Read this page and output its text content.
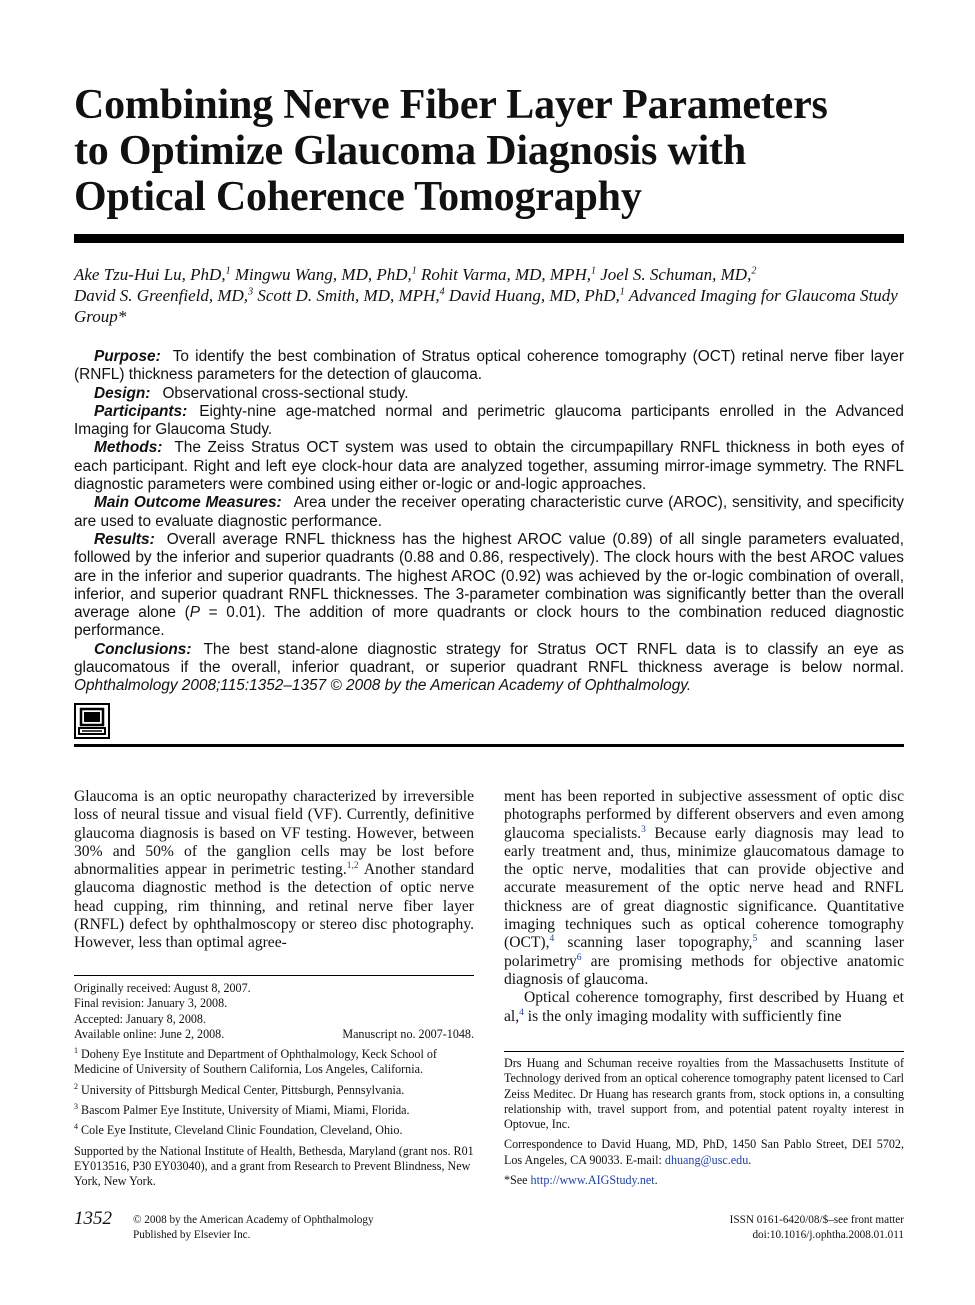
Combining Nerve Fiber Layer Parameters
to Optimize Glaucoma Diagnosis with
Optical Coherence Tomography
Ake Tzu-Hui Lu, PhD,$^1$ Mingwu Wang, MD, PhD,$^1$ Rohit Varma, MD, MPH,$^1$ Joel S. Schuman, MD,$^2$
David S. Greenfield, MD,$^3$ Scott D. Smith, MD, MPH,$^4$ David Huang, MD, PhD,$^1$ Advanced Imaging for Glaucoma Study Group*

Purpose: To identify the best combination of Stratus optical coherence tomography (OCT) retinal nerve fiber layer (RNFL) thickness parameters for the detection of glaucoma.

Design: Observational cross-sectional study.

Participants: Eighty-nine age-matched normal and perimetric glaucoma participants enrolled in the Advanced Imaging for Glaucoma Study.

Methods: The Zeiss Stratus OCT system was used to obtain the circumpapillary RNFL thickness in both eyes of each participant. Right and left eye clock-hour data are analyzed together, assuming mirror-image symmetry. The RNFL diagnostic parameters were combined using either or-logic or and-logic approaches.

Main Outcome Measures: Area under the receiver operating characteristic curve (AROC), sensitivity, and specificity are used to evaluate diagnostic performance.

Results: Overall average RNFL thickness has the highest AROC value (0.89) of all single parameters evaluated, followed by the inferior and superior quadrants (0.88 and 0.86, respectively). The clock hours with the best AROC values are in the inferior and superior quadrants. The highest AROC (0.92) was achieved by the or-logic combination of overall, inferior, and superior quadrant RNFL thicknesses. The 3-parameter combination was significantly better than the overall average alone (P = 0.01). The addition of more quadrants or clock hours to the combination reduced diagnostic performance.

Conclusions: The best stand-alone diagnostic strategy for Stratus OCT RNFL data is to classify an eye as glaucomatous if the overall, inferior quadrant, or superior quadrant RNFL thickness average is below normal. Ophthalmology 2008;115:1352–1357 © 2008 by the American Academy of Ophthalmology.

Glaucoma is an optic neuropathy characterized by irreversible loss of neural tissue and visual field (VF). Currently, definitive glaucoma diagnosis is based on VF testing. However, between 30% and 50% of the ganglion cells may be lost before abnormalities appear in perimetric testing.$^{1,2}$ Another standard glaucoma diagnostic method is the detection of optic nerve head cupping, rim thinning, and retinal nerve fiber layer (RNFL) defect by ophthalmoscopy or stereo disc photography. However, less than optimal agree-

ment has been reported in subjective assessment of optic disc photographs performed by different observers and even among glaucoma specialists.$^3$ Because early diagnosis may lead to early treatment and, thus, minimize glaucomatous damage to the optic nerve, modalities that can provide objective and accurate measurement of the optic nerve head and RNFL thickness are of great diagnostic significance. Quantitative imaging techniques such as optical coherence tomography (OCT),$^4$ scanning laser topography,$^5$ and scanning laser polarimetry$^6$ are promising methods for objective anatomic diagnosis of glaucoma.

Optical coherence tomography, first described by Huang et al,$^4$ is the only imaging modality with sufficiently fine

Originally received: August 8, 2007.

Final revision: January 3, 2008.

Accepted: January 8, 2008.

Available online: June 2, 2008.	Manuscript no. 2007-1048.

$^1$ Doheny Eye Institute and Department of Ophthalmology, Keck School of Medicine of University of Southern California, Los Angeles, California.

$^2$ University of Pittsburgh Medical Center, Pittsburgh, Pennsylvania.

$^3$ Bascom Palmer Eye Institute, University of Miami, Miami, Florida.

$^4$ Cole Eye Institute, Cleveland Clinic Foundation, Cleveland, Ohio.

Supported by the National Institute of Health, Bethesda, Maryland (grant nos. R01 EY013516, P30 EY03040), and a grant from Research to Prevent Blindness, New York, New York.

Drs Huang and Schuman receive royalties from the Massachusetts Institute of Technology derived from an optical coherence tomography patent licensed to Carl Zeiss Meditec. Dr Huang has research grants from, stock options in, a consulting relationship with, travel support from, and potential patent royalty interest in Optovue, Inc.

Correspondence to David Huang, MD, PhD, 1450 San Pablo Street, DEI 5702, Los Angeles, CA 90033. E-mail: dhuang@usc.edu.

*See http://www.AIGStudy.net.

1352 © 2008 by the American Academy of Ophthalmology
Published by Elsevier Inc.
ISSN 0161-6420/08/$–see front matter
doi:10.1016/j.ophtha.2008.01.011
